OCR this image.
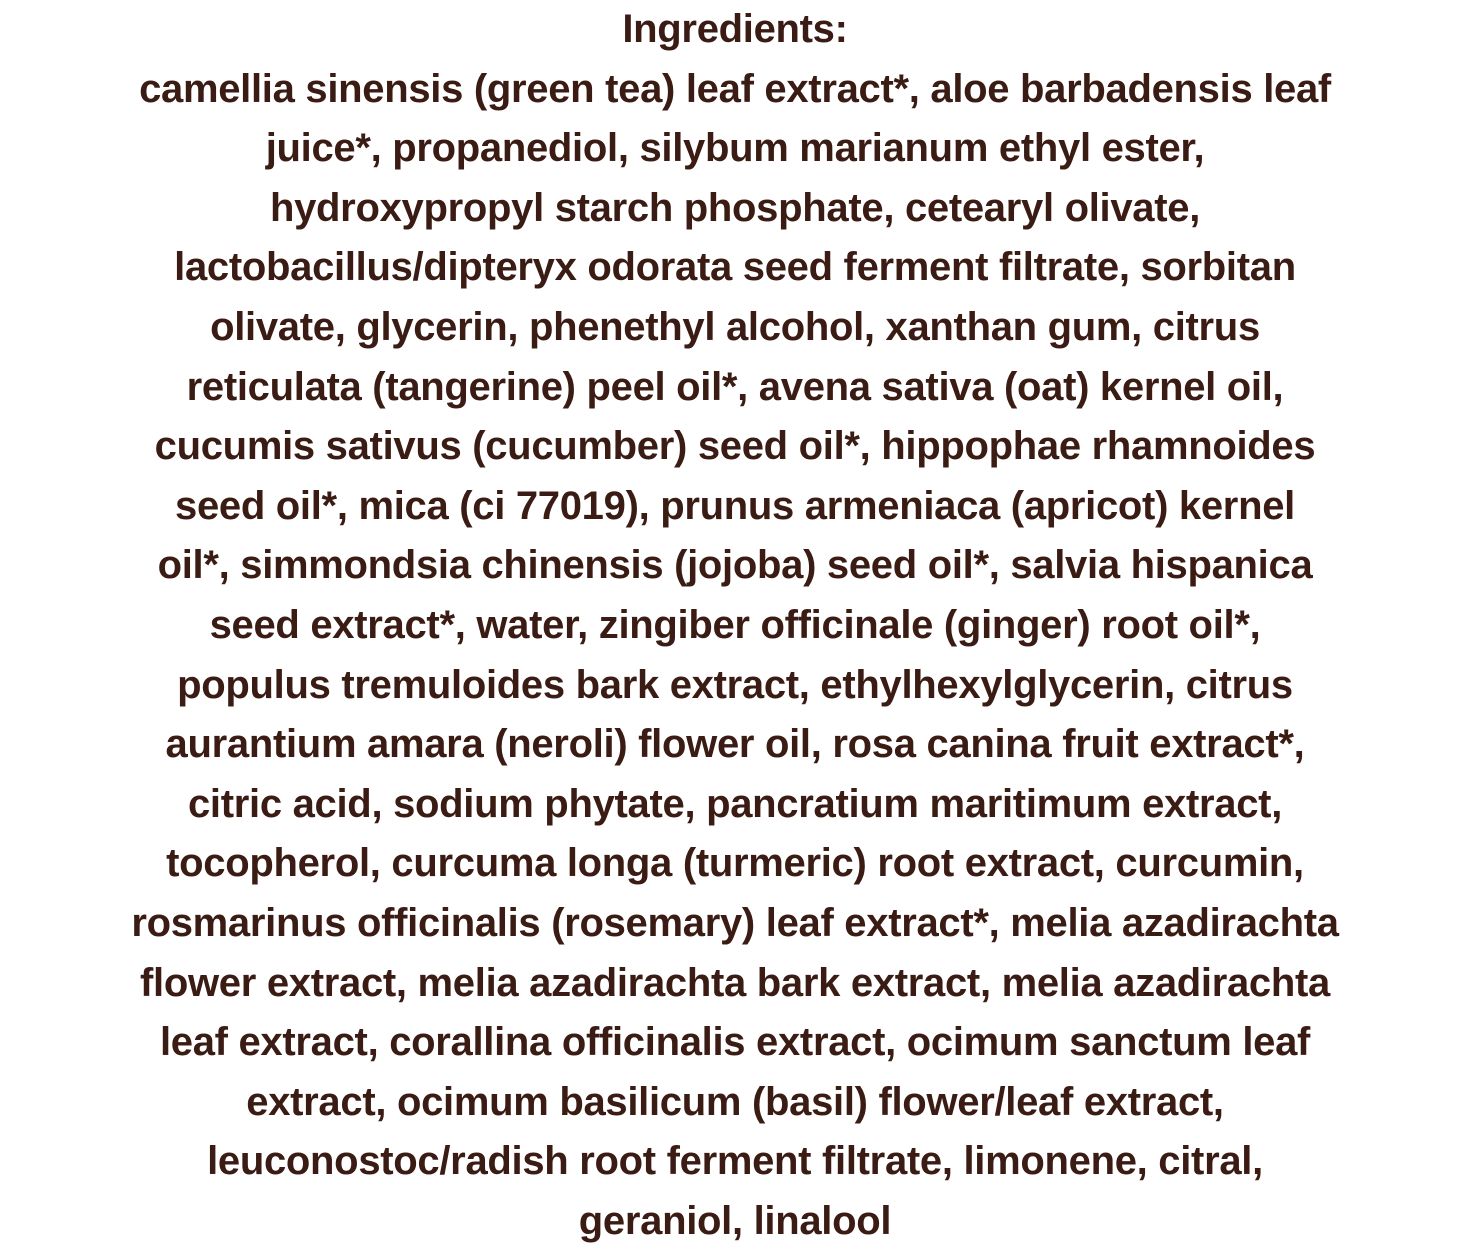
Ingredients:
camellia sinensis (green tea) leaf extract*, aloe barbadensis leaf
juice*, propanediol, silybum marianum ethyl ester,
hydroxypropyl starch phosphate, cetearyl olivate,
lactobacillus/dipteryx odorata seed ferment filtrate, sorbitan
olivate, glycerin, phenethyl alcohol, xanthan gum, citrus
reticulata (tangerine) peel oil*, avena sativa (oat) kernel oil,
cucumis sativus (cucumber) seed oil*, hippophae rhamnoides
seed oil*, mica (ci 77019), prunus armeniaca (apricot) kernel
oil*, simmondsia chinensis (jojoba) seed oil*, salvia hispanica
seed extract*, water, zingiber officinale (ginger) root oil*,
populus tremuloides bark extract, ethylhexylglycerin, citrus
aurantium amara (neroli) flower oil, rosa canina fruit extract*,
citric acid, sodium phytate, pancratium maritimum extract,
tocopherol, curcuma longa (turmeric) root extract, curcumin,
rosmarinus officinalis (rosemary) leaf extract*, melia azadirachta
flower extract, melia azadirachta bark extract, melia azadirachta
leaf extract, corallina officinalis extract, ocimum sanctum leaf
extract, ocimum basilicum (basil) flower/leaf extract,
leuconostoc/radish root ferment filtrate, limonene, citral,
geraniol, linalool
